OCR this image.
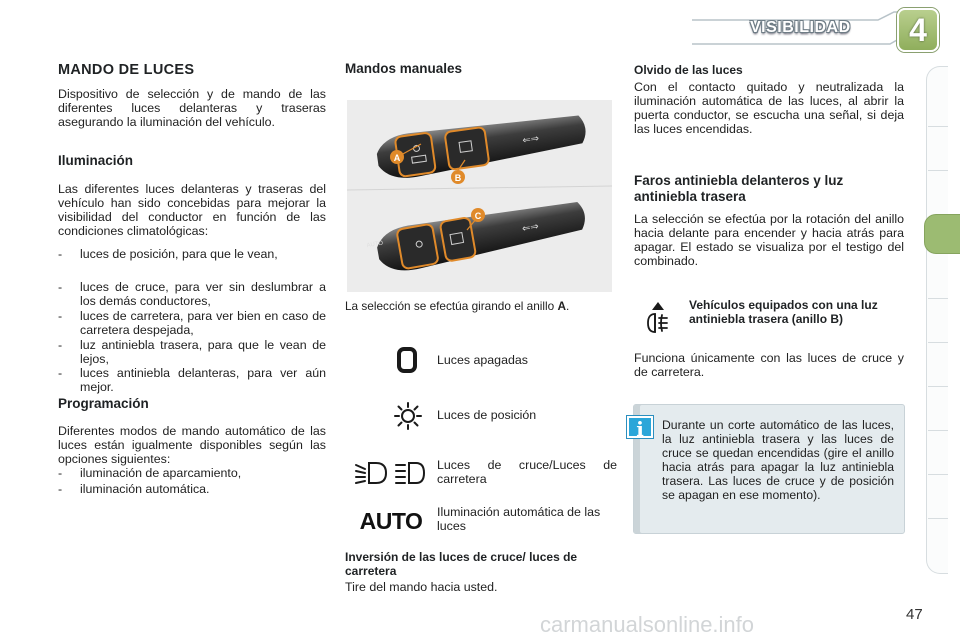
VISIBILIDAD	4
MANDO DE LUCES
Dispositivo de selección y de mando de las diferentes luces delanteras y traseras asegurando la iluminación del vehículo.
Iluminación
Las diferentes luces delanteras y traseras del vehículo han sido concebidas para mejorar la visibilidad del conductor en función de las condiciones climatológicas:
-	luces de posición, para que le vean,
-	luces de cruce, para ver sin deslumbrar a los demás conductores,
-	luces de carretera, para ver bien en caso de carretera despejada,
-	luz antiniebla trasera, para que le vean de lejos,
-	luces antiniebla delanteras, para ver aún mejor.
Programación
Diferentes modos de mando automático de las luces están igualmente disponibles según las opciones siguientes:
-	iluminación de aparcamiento,
-	iluminación automática.
Mandos manuales
⇐⇒
⇐⇒
AUTO
A
B
C
La selección se efectúa girando el anillo A.
Luces apagadas
Luces de posición
Luces de cruce/Luces de carretera
AUTO Iluminación automática de las luces
Inversión de las luces de cruce/ luces de carretera
Tire del mando hacia usted.
Olvido de las luces
Con el contacto quitado y neutralizada la iluminación automática de las luces, al abrir la puerta conductor, se escucha una señal, si deja las luces encendidas.
Faros antiniebla delanteros y luz antiniebla trasera
La selección se efectúa por la rotación del anillo hacia delante para encender y hacia atrás para apagar. El estado se visualiza por el testigo del combinado.
Vehículos equipados con una luz antiniebla trasera (anillo B)
Funciona únicamente con las luces de cruce y de carretera.
i	Durante un corte automático de las luces, la luz antiniebla trasera y las luces de cruce se quedan encendidas (gire el anillo hacia atrás para apagar la luz antiniebla trasera. Las luces de cruce y de posición se apagan en ese momento).
carmanualsonline.info	47
